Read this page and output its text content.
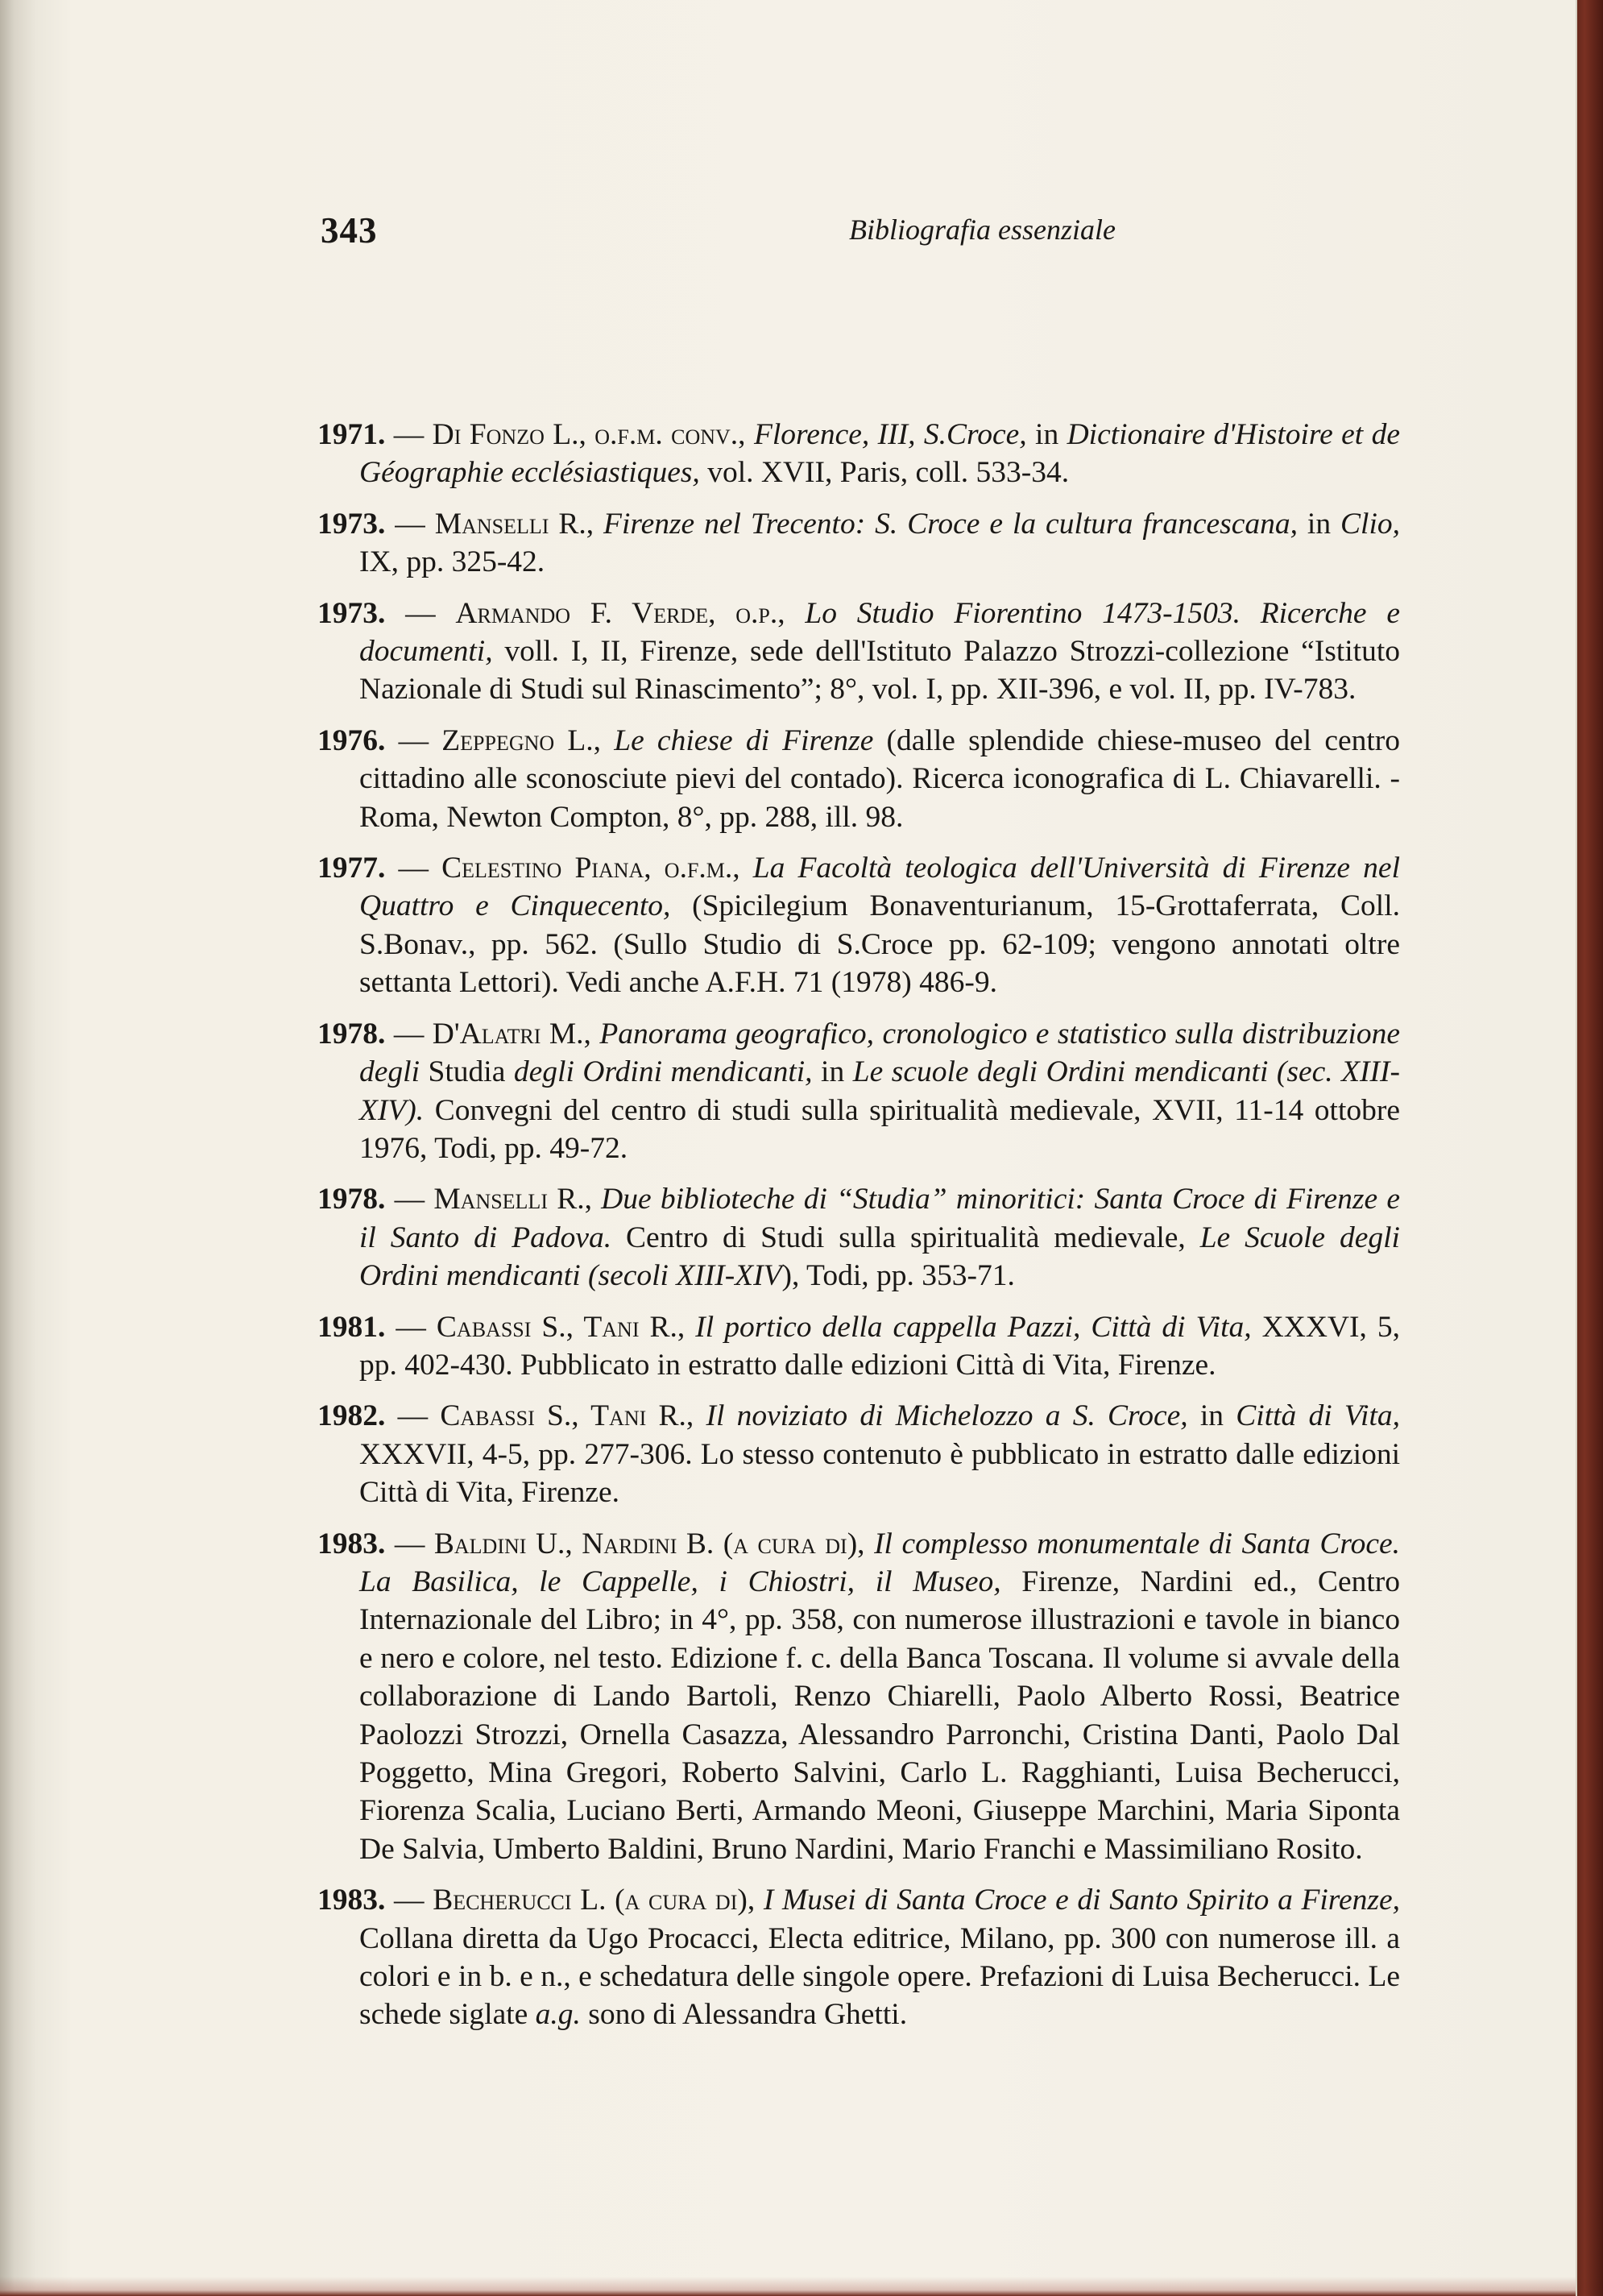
343	Bibliografia essenziale

1971. — Di Fonzo L., o.f.m. conv., Florence, III, S.Croce, in Dictionaire d'Histoire et de Géographie ecclésiastiques, vol. XVII, Paris, coll. 533-34.

1973. — Manselli R., Firenze nel Trecento: S. Croce e la cultura francescana, in Clio, IX, pp. 325-42.

1973. — Armando F. Verde, o.p., Lo Studio Fiorentino 1473-1503. Ricerche e documenti, voll. I, II, Firenze, sede dell'Istituto Palazzo Strozzi-collezione “Istituto Nazionale di Studi sul Rinascimento”; 8°, vol. I, pp. XII-396, e vol. II, pp. IV-783.

1976. — Zeppegno L., Le chiese di Firenze (dalle splendide chiese-museo del centro cittadino alle sconosciute pievi del contado). Ricerca iconografica di L. Chiavarelli. - Roma, Newton Compton, 8°, pp. 288, ill. 98.

1977. — Celestino Piana, o.f.m., La Facoltà teologica dell'Università di Firenze nel Quattro e Cinquecento, (Spicilegium Bonaventurianum, 15-Grottaferrata, Coll. S.Bonav., pp. 562. (Sullo Studio di S.Croce pp. 62-109; vengono annotati oltre settanta Lettori). Vedi anche A.F.H. 71 (1978) 486-9.

1978. — D'Alatri M., Panorama geografico, cronologico e statistico sulla distribuzione degli Studia degli Ordini mendicanti, in Le scuole degli Ordini mendicanti (sec. XIII-XIV). Convegni del centro di studi sulla spiritualità medievale, XVII, 11-14 ottobre 1976, Todi, pp. 49-72.

1978. — Manselli R., Due biblioteche di “Studia” minoritici: Santa Croce di Firenze e il Santo di Padova. Centro di Studi sulla spiritualità medievale, Le Scuole degli Ordini mendicanti (secoli XIII-XIV), Todi, pp. 353-71.

1981. — Cabassi S., Tani R., Il portico della cappella Pazzi, Città di Vita, XXXVI, 5, pp. 402-430. Pubblicato in estratto dalle edizioni Città di Vita, Firenze.

1982. — Cabassi S., Tani R., Il noviziato di Michelozzo a S. Croce, in Città di Vita, XXXVII, 4-5, pp. 277-306. Lo stesso contenuto è pubblicato in estratto dalle edizioni Città di Vita, Firenze.

1983. — Baldini U., Nardini B. (a cura di), Il complesso monumentale di Santa Croce. La Basilica, le Cappelle, i Chiostri, il Museo, Firenze, Nardini ed., Centro Internazionale del Libro; in 4°, pp. 358, con numerose illustrazioni e tavole in bianco e nero e colore, nel testo. Edizione f. c. della Banca Toscana. Il volume si avvale della collaborazione di Lando Bartoli, Renzo Chiarelli, Paolo Alberto Rossi, Beatrice Paolozzi Strozzi, Ornella Casazza, Alessandro Parronchi, Cristina Danti, Paolo Dal Poggetto, Mina Gregori, Roberto Salvini, Carlo L. Ragghianti, Luisa Becherucci, Fiorenza Scalia, Luciano Berti, Armando Meoni, Giuseppe Marchini, Maria Siponta De Salvia, Umberto Baldini, Bruno Nardini, Mario Franchi e Massimiliano Rosito.

1983. — Becherucci L. (a cura di), I Musei di Santa Croce e di Santo Spirito a Firenze, Collana diretta da Ugo Procacci, Electa editrice, Milano, pp. 300 con numerose ill. a colori e in b. e n., e schedatura delle singole opere. Prefazioni di Luisa Becherucci. Le schede siglate a.g. sono di Alessandra Ghetti.
